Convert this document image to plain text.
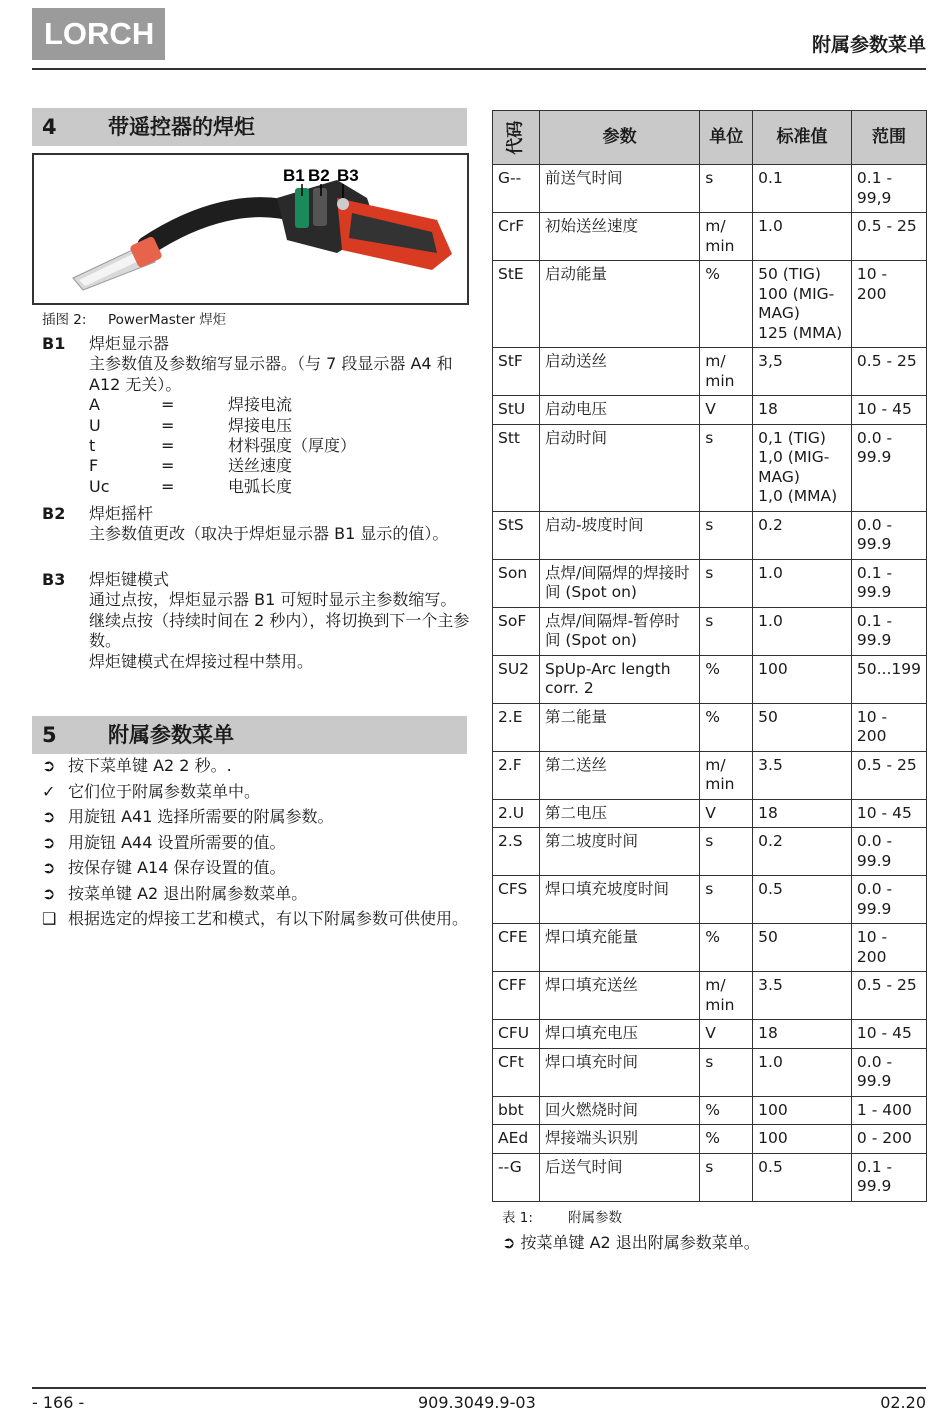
LORCH	附属参数菜单
4 带遥控器的焊炬
B1 B2 B3
插图 2: PowerMaster 焊炬
B1 焊炬显示器
主参数值及参数缩写显示器。（与 7 段显示器 A4 和 A12 无关）。
A	=	焊接电流
U	=	焊接电压
t	=	材料强度（厚度）
F	=	送丝速度
Uc	=	电弧长度
B2 焊炬摇杆
主参数值更改（取决于焊炬显示器 B1 显示的值）。
B3 焊炬键模式
通过点按，焊炬显示器 B1 可短时显示主参数缩写。
继续点按（持续时间在 2 秒内），将切换到下一个主参数。
焊炬键模式在焊接过程中禁用。
5 附属参数菜单
➲ 按下菜单键 A2 2 秒。.
✓ 它们位于附属参数菜单中。
➲ 用旋钮 A41 选择所需要的附属参数。
➲ 用旋钮 A44 设置所需要的值。
➲ 按保存键 A14 保存设置的值。
➲ 按菜单键 A2 退出附属参数菜单。
❑ 根据选定的焊接工艺和模式，有以下附属参数可供使用。
代码	参数	单位	标准值	范围
G--	前送气时间	s	0.1	0.1 - 99,9
CrF	初始送丝速度	m/ min	1.0	0.5 - 25
StE	启动能量	%	50 (TIG)
100 (MIG-MAG)
125 (MMA)	10 - 200
StF	启动送丝	m/ min	3,5	0.5 - 25
StU	启动电压	V	18	10 - 45
Stt	启动时间	s	0,1 (TIG)
1,0 (MIG-MAG)
1,0 (MMA)	0.0 - 99.9
StS	启动-坡度时间	s	0.2	0.0 - 99.9
Son	点焊/间隔焊的焊接时间 (Spot on)	s	1.0	0.1 - 99.9
SoF	点焊/间隔焊-暂停时间 (Spot on)	s	1.0	0.1 - 99.9
SU2	SpUp-Arc length corr. 2	%	100	50...199
2.E	第二能量	%	50	10 - 200
2.F	第二送丝	m/ min	3.5	0.5 - 25
2.U	第二电压	V	18	10 - 45
2.S	第二坡度时间	s	0.2	0.0 - 99.9
CFS	焊口填充坡度时间	s	0.5	0.0 - 99.9
CFE	焊口填充能量	%	50	10 - 200
CFF	焊口填充送丝	m/ min	3.5	0.5 - 25
CFU	焊口填充电压	V	18	10 - 45
CFt	焊口填充时间	s	1.0	0.0 - 99.9
bbt	回火燃烧时间	%	100	1 - 400
AEd	焊接端头识别	%	100	0 - 200
--G	后送气时间	s	0.5	0.1 - 99.9
表 1:	附属参数
➲ 按菜单键 A2 退出附属参数菜单。
- 166 -	909.3049.9-03	02.20
